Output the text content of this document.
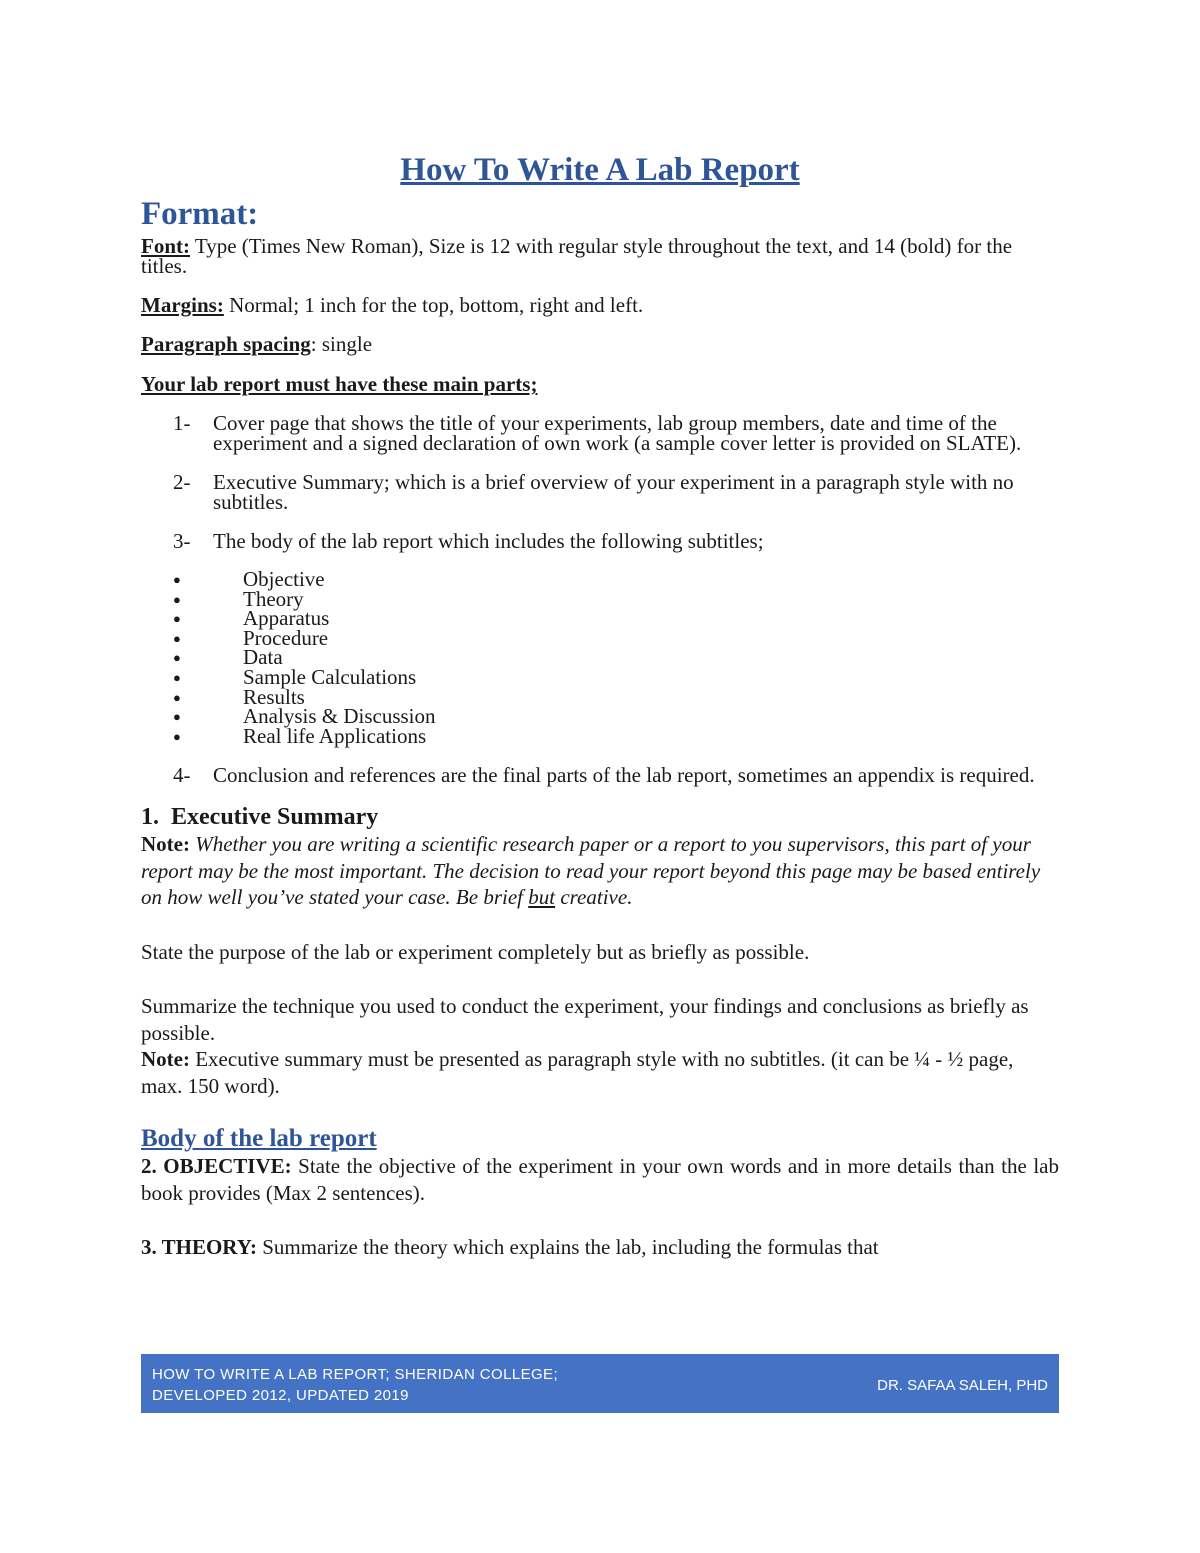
How To Write A Lab Report
Format:

Font: Type (Times New Roman), Size is 12 with regular style throughout the text, and 14 (bold) for the titles.

Margins: Normal; 1 inch for the top, bottom, right and left.

Paragraph spacing: single

Your lab report must have these main parts;

1-	Cover page that shows the title of your experiments, lab group members, date and time of the experiment and a signed declaration of own work (a sample cover letter is provided on SLATE).
2-	Executive Summary; which is a brief overview of your experiment in a paragraph style with no subtitles.
3-	The body of the lab report which includes the following subtitles;
●	Objective
●	Theory
●	Apparatus
●	Procedure
●	Data
●	Sample Calculations
●	Results
●	Analysis & Discussion
●	Real life Applications
4-	Conclusion and references are the final parts of the lab report, sometimes an appendix is required.
1. Executive Summary

Note: Whether you are writing a scientific research paper or a report to you supervisors, this part of your report may be the most important. The decision to read your report beyond this page may be based entirely on how well you’ve stated your case. Be brief but creative.

State the purpose of the lab or experiment completely but as briefly as possible.

Summarize the technique you used to conduct the experiment, your findings and conclusions as briefly as possible.

Note: Executive summary must be presented as paragraph style with no subtitles. (it can be ¼ - ½ page, max. 150 word).

Body of the lab report

2. OBJECTIVE: State the objective of the experiment in your own words and in more details than the lab book provides (Max 2 sentences).

3. THEORY: Summarize the theory which explains the lab, including the formulas that

HOW TO WRITE A LAB REPORT; SHERIDAN COLLEGE;
DEVELOPED 2012, UPDATED 2019
DR. SAFAA SALEH, PHD
